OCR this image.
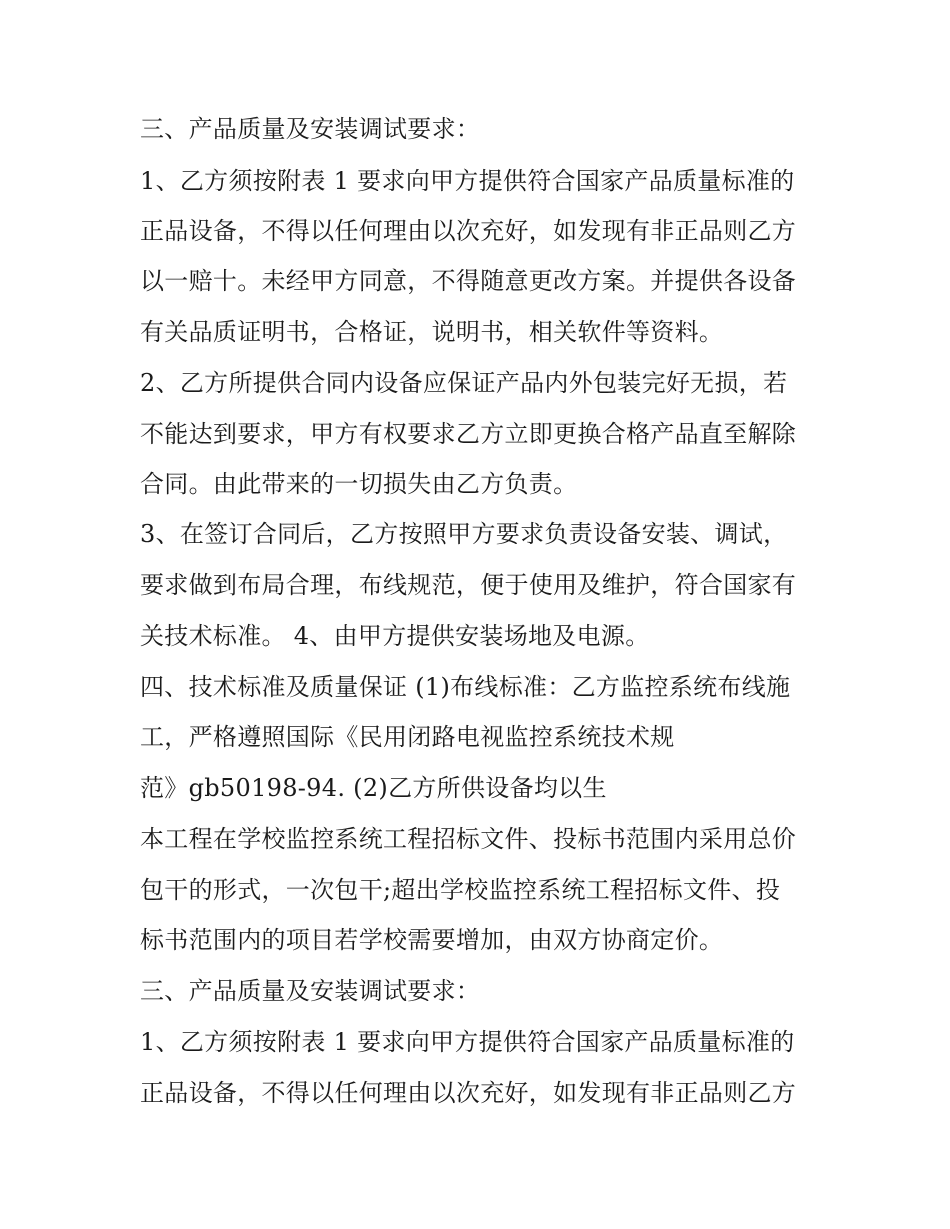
三、产品质量及安装调试要求：
1、乙方须按附表 1 要求向甲方提供符合国家产品质量标准的
正品设备，不得以任何理由以次充好，如发现有非正品则乙方
以一赔十。未经甲方同意，不得随意更改方案。并提供各设备
有关品质证明书，合格证，说明书，相关软件等资料。
2、乙方所提供合同内设备应保证产品内外包装完好无损，若
不能达到要求，甲方有权要求乙方立即更换合格产品直至解除
合同。由此带来的一切损失由乙方负责。
3、在签订合同后，乙方按照甲方要求负责设备安装、调试，
要求做到布局合理，布线规范，便于使用及维护，符合国家有
关技术标准。 4、由甲方提供安装场地及电源。
四、技术标准及质量保证 (1)布线标准：乙方监控系统布线施
工，严格遵照国际《民用闭路电视监控系统技术规
范》gb50198-94. (2)乙方所供设备均以生
本工程在学校监控系统工程招标文件、投标书范围内采用总价
包干的形式，一次包干;超出学校监控系统工程招标文件、投
标书范围内的项目若学校需要增加，由双方协商定价。
三、产品质量及安装调试要求：
1、乙方须按附表 1 要求向甲方提供符合国家产品质量标准的
正品设备，不得以任何理由以次充好，如发现有非正品则乙方
